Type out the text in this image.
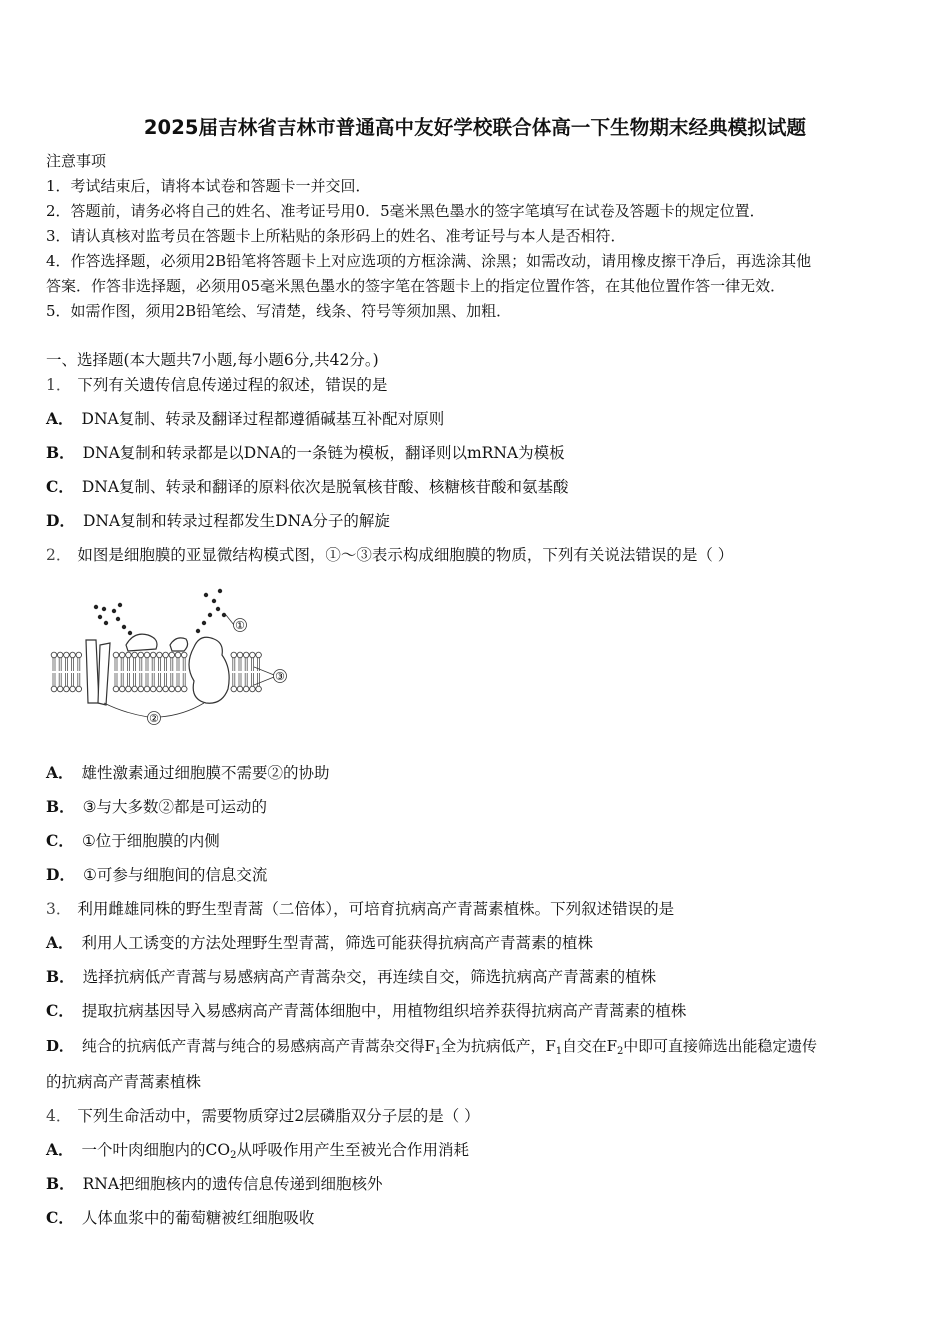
2025届吉林省吉林市普通高中友好学校联合体高一下生物期末经典模拟试题
注意事项
1．考试结束后，请将本试卷和答题卡一并交回．
2．答题前，请务必将自己的姓名、准考证号用0．5毫米黑色墨水的签字笔填写在试卷及答题卡的规定位置．
3．请认真核对监考员在答题卡上所粘贴的条形码上的姓名、准考证号与本人是否相符．
4．作答选择题，必须用2B铅笔将答题卡上对应选项的方框涂满、涂黑；如需改动，请用橡皮擦干净后，再选涂其他
答案．作答非选择题，必须用05毫米黑色墨水的签字笔在答题卡上的指定位置作答，在其他位置作答一律无效．
5．如需作图，须用2B铅笔绘、写清楚，线条、符号等须加黑、加粗．
一、选择题(本大题共7小题,每小题6分,共42分。)
1． 下列有关遗传信息传递过程的叙述，错误的是
A． DNA复制、转录及翻译过程都遵循碱基互补配对原则
B． DNA复制和转录都是以DNA的一条链为模板，翻译则以mRNA为模板
C． DNA复制、转录和翻译的原料依次是脱氧核苷酸、核糖核苷酸和氨基酸
D． DNA复制和转录过程都发生DNA分子的解旋
2． 如图是细胞膜的亚显微结构模式图，①～③表示构成细胞膜的物质，下列有关说法错误的是（ ）
①
③
②
A． 雄性激素通过细胞膜不需要②的协助
B． ③与大多数②都是可运动的
C． ①位于细胞膜的内侧
D． ①可参与细胞间的信息交流
3． 利用雌雄同株的野生型青蒿（二倍体），可培育抗病高产青蒿素植株。下列叙述错误的是
A． 利用人工诱变的方法处理野生型青蒿，筛选可能获得抗病高产青蒿素的植株
B． 选择抗病低产青蒿与易感病高产青蒿杂交，再连续自交，筛选抗病高产青蒿素的植株
C． 提取抗病基因导入易感病高产青蒿体细胞中，用植物组织培养获得抗病高产青蒿素的植株
D． 纯合的抗病低产青蒿与纯合的易感病高产青蒿杂交得$F_1$全为抗病低产，$F_1$自交在$F_2$中即可直接筛选出能稳定遗传
的抗病高产青蒿素植株
4． 下列生命活动中，需要物质穿过2层磷脂双分子层的是（ ）
A． 一个叶肉细胞内的$CO_2$从呼吸作用产生至被光合作用消耗
B． RNA把细胞核内的遗传信息传递到细胞核外
C． 人体血浆中的葡萄糖被红细胞吸收
